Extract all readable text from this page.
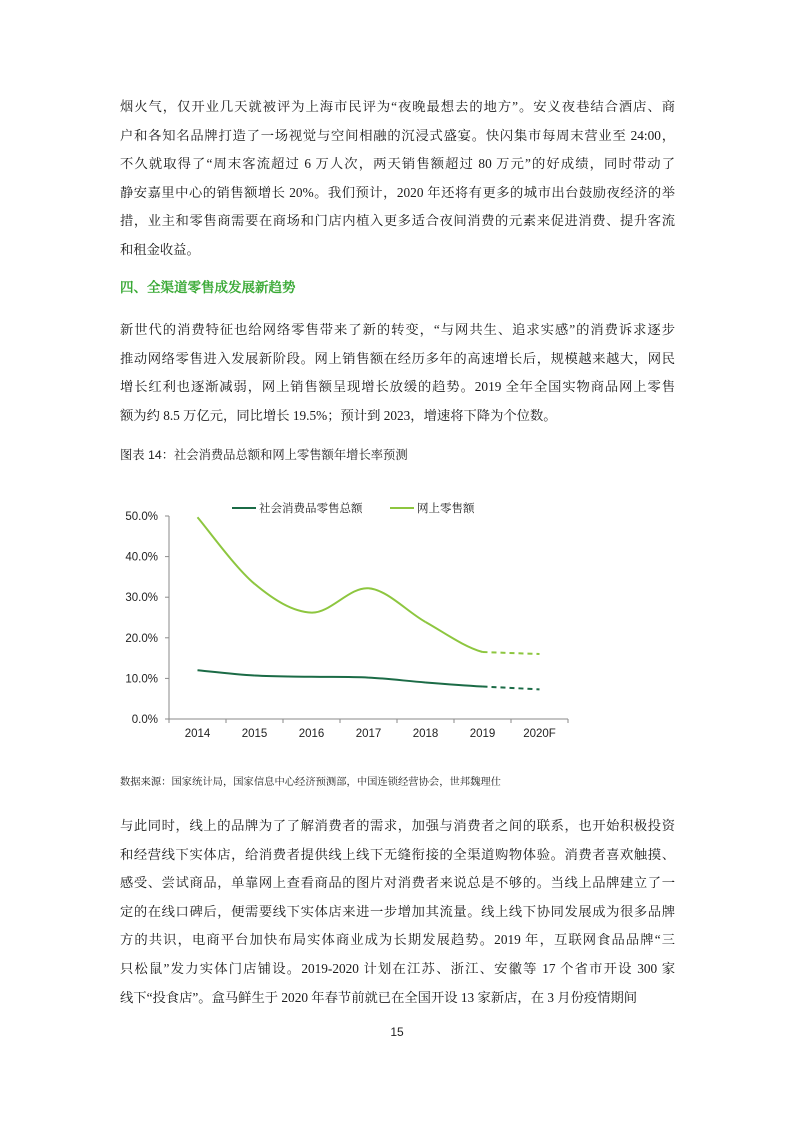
烟火气，仅开业几天就被评为上海市民评为“夜晚最想去的地方”。安义夜巷结合酒店、商
户和各知名品牌打造了一场视觉与空间相融的沉浸式盛宴。快闪集市每周末营业至 24:00，
不久就取得了“周末客流超过 6 万人次，两天销售额超过 80 万元”的好成绩，同时带动了
静安嘉里中心的销售额增长 20%。我们预计，2020 年还将有更多的城市出台鼓励夜经济的举
措，业主和零售商需要在商场和门店内植入更多适合夜间消费的元素来促进消费、提升客流
和租金收益。
四、全渠道零售成发展新趋势
新世代的消费特征也给网络零售带来了新的转变，“与网共生、追求实感”的消费诉求逐步
推动网络零售进入发展新阶段。网上销售额在经历多年的高速增长后，规模越来越大，网民
增长红利也逐渐减弱，网上销售额呈现增长放缓的趋势。2019 全年全国实物商品网上零售
额为约 8.5 万亿元，同比增长 19.5%；预计到 2023，增速将下降为个位数。
图表 14：社会消费品总额和网上零售额年增长率预测
0.0%
10.0%
20.0%
30.0%
40.0%
50.0%
2014	2015	2016	2017	2018	2019 2020F
社会消费品零售总额	网上零售额
数据来源：国家统计局，国家信息中心经济预测部，中国连锁经营协会，世邦魏理仕
与此同时，线上的品牌为了了解消费者的需求，加强与消费者之间的联系，也开始积极投资
和经营线下实体店，给消费者提供线上线下无缝衔接的全渠道购物体验。消费者喜欢触摸、
感受、尝试商品，单靠网上查看商品的图片对消费者来说总是不够的。当线上品牌建立了一
定的在线口碑后，便需要线下实体店来进一步增加其流量。线上线下协同发展成为很多品牌
方的共识，电商平台加快布局实体商业成为长期发展趋势。2019 年，互联网食品品牌“三
只松鼠”发力实体门店铺设。2019-2020 计划在江苏、浙江、安徽等 17 个省市开设 300 家
线下“投食店”。盒马鲜生于 2020 年春节前就已在全国开设 13 家新店，在 3 月份疫情期间
15
